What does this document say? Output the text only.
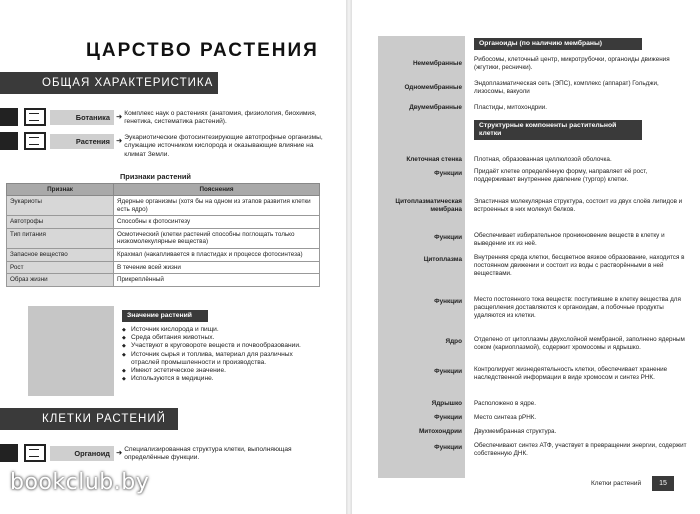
ЦАРСТВО РАСТЕНИЯ
ОБЩАЯ ХАРАКТЕРИСТИКА
Ботаника ➜ Комплекс наук о растениях (анатомия, физиология, биохимия, генетика, систематика растений).
Растения ➜ Эукариотические фотосинтезирующие автотрофные организмы, служащие источником кислорода и оказывающие влияние на климат Земли.
Признаки растений
Признак	Пояснения
Эукариоты	Ядерные организмы (хотя бы на одном из этапов развития клетки есть ядро)
Автотрофы	Способны к фотосинтезу
Тип питания	Осмотический (клетки растений способны поглощать только низкомолекулярные вещества)
Запасное вещество	Крахмал (накапливается в пластидах и процессе фотосинтеза)
Рост	В течение всей жизни
Образ жизни	Прикреплённый
Значение растений
◆ Источник кислорода и пищи.
◆ Среда обитания животных.
◆ Участвуют в круговороте веществ и почвообразовании.
◆ Источник сырья и топлива, материал для различных отраслей промышленности и производства.
◆ Имеют эстетическое значение.
◆ Используются в медицине.
КЛЕТКИ РАСТЕНИЙ
Органоид ➜ Специализированная структура клетки, выполняющая определённые функции.
Органоиды (по наличию мембраны)
Немембранные
Рибосомы, клеточный центр, микротрубочки, органоиды движения (жгутики, реснички).
Одномембранные
Эндоплазматическая сеть (ЭПС), комплекс (аппарат) Гольджи, лизосомы, вакуоли
Двумембранные Пластиды, митохондрии.
Структурные компоненты растительной клетки
Клеточная стенка Плотная, образованная целлюлозой оболочка.
Функции Придаёт клетке определённую форму, направляет её рост, поддерживает внутреннее давление (тургор) клетки.
Цитоплазматическая мембрана
Эластичная молекулярная структура, состоит из двух слоёв липидов и встроенных в них молекул белков.
Функции Обеспечивает избирательное проникновение веществ в клетку и выведение их из неё.
Цитоплазма Внутренняя среда клетки, бесцветное вязкое образование, находится в постоянном движении и состоит из воды с растворёнными в ней веществами.
Функции Место постоянного тока веществ: поступившие в клетку вещества для расщепления доставляются к органоидам, а побочные продукты удаляются из клетки.
Ядро Отделено от цитоплазмы двухслойной мембраной, заполнено ядерным соком (кариоплазмой), содержит хромосомы и ядрышко.
Функции Контролирует жизнедеятельность клетки, обеспечивает хранение наследственной информации в виде хромосом и синтез РНК.
Ядрышко Расположено в ядре.
Функции Место синтеза рРНК.
Митохондрии Двухмембранная структура.
Функции Обеспечивают синтез АТФ, участвует в превращении энергии, содержит собственную ДНК.
Клетки растений	15
bookclub.by
